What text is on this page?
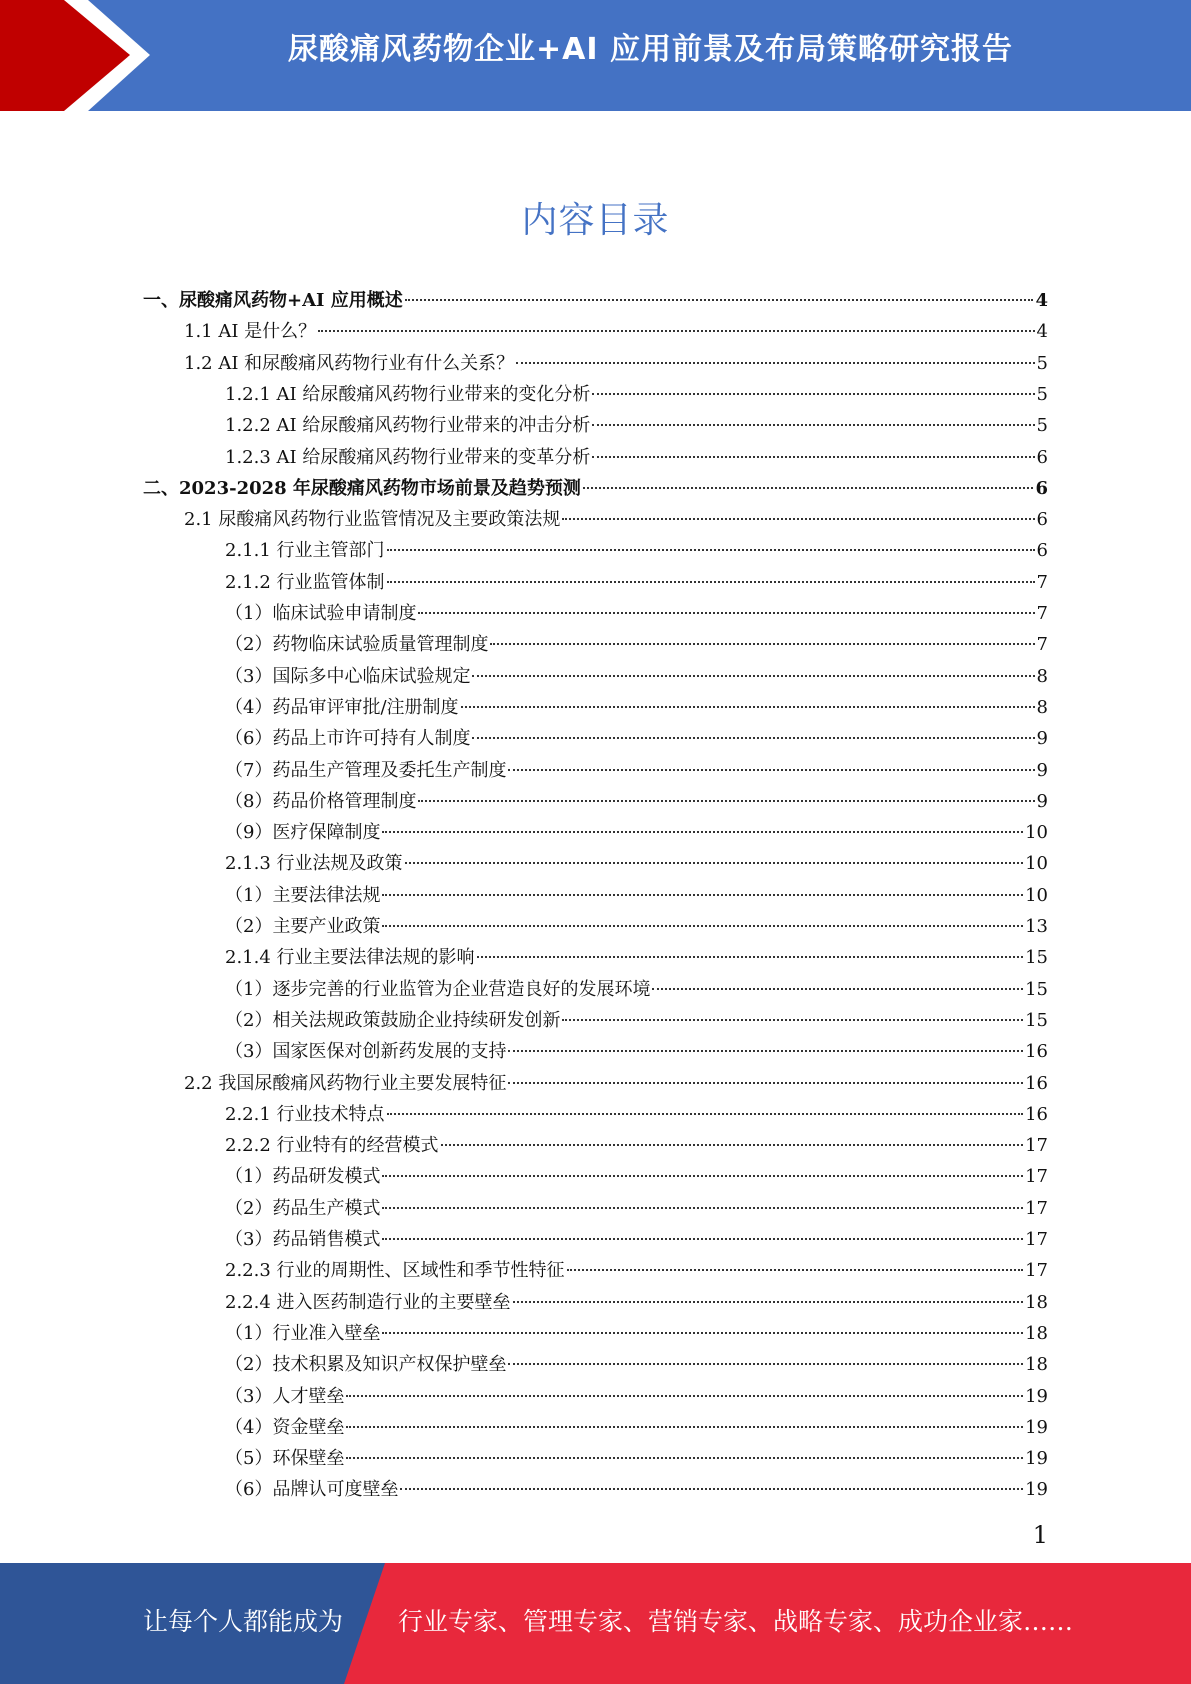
尿酸痛风药物企业+AI 应用前景及布局策略研究报告
内容目录
一、尿酸痛风药物+AI 应用概述	4
1.1 AI 是什么？	4
1.2 AI 和尿酸痛风药物行业有什么关系？	5
1.2.1 AI 给尿酸痛风药物行业带来的变化分析	5
1.2.2 AI 给尿酸痛风药物行业带来的冲击分析	5
1.2.3 AI 给尿酸痛风药物行业带来的变革分析	6
二、2023-2028 年尿酸痛风药物市场前景及趋势预测	6
2.1 尿酸痛风药物行业监管情况及主要政策法规	6
2.1.1 行业主管部门	6
2.1.2 行业监管体制	7
（1）临床试验申请制度	7
（2）药物临床试验质量管理制度	7
（3）国际多中心临床试验规定	8
（4）药品审评审批/注册制度	8
（6）药品上市许可持有人制度	9
（7）药品生产管理及委托生产制度	9
（8）药品价格管理制度	9
（9）医疗保障制度	10
2.1.3 行业法规及政策	10
（1）主要法律法规	10
（2）主要产业政策	13
2.1.4 行业主要法律法规的影响	15
（1）逐步完善的行业监管为企业营造良好的发展环境	15
（2）相关法规政策鼓励企业持续研发创新	15
（3）国家医保对创新药发展的支持	16
2.2 我国尿酸痛风药物行业主要发展特征	16
2.2.1 行业技术特点	16
2.2.2 行业特有的经营模式	17
（1）药品研发模式	17
（2）药品生产模式	17
（3）药品销售模式	17
2.2.3 行业的周期性、区域性和季节性特征	17
2.2.4 进入医药制造行业的主要壁垒	18
（1）行业准入壁垒	18
（2）技术积累及知识产权保护壁垒	18
（3）人才壁垒	19
（4）资金壁垒	19
（5）环保壁垒	19
（6）品牌认可度壁垒	19
1
让每个人都能成为 行业专家、管理专家、营销专家、战略专家、成功企业家……
